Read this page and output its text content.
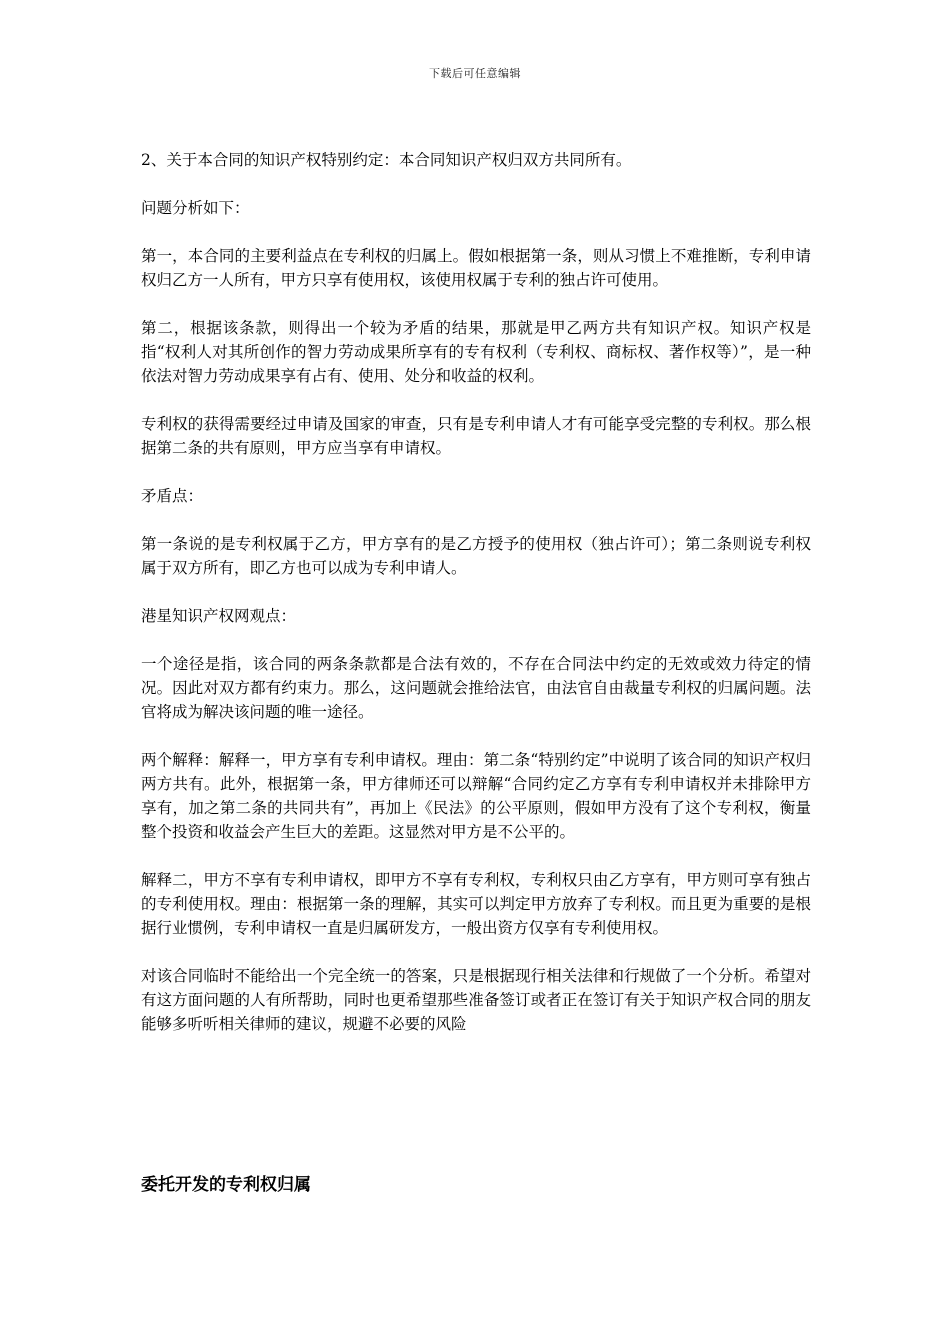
下载后可任意编辑

2、关于本合同的知识产权特别约定：本合同知识产权归双方共同所有。

问题分析如下：

第一，本合同的主要利益点在专利权的归属上。假如根据第一条，则从习惯上不难推断，专利申请权归乙方一人所有，甲方只享有使用权，该使用权属于专利的独占许可使用。

第二，根据该条款，则得出一个较为矛盾的结果，那就是甲乙两方共有知识产权。知识产权是指“权利人对其所创作的智力劳动成果所享有的专有权利（专利权、商标权、著作权等）”，是一种依法对智力劳动成果享有占有、使用、处分和收益的权利。

专利权的获得需要经过申请及国家的审查，只有是专利申请人才有可能享受完整的专利权。那么根据第二条的共有原则，甲方应当享有申请权。

矛盾点：

第一条说的是专利权属于乙方，甲方享有的是乙方授予的使用权（独占许可）；第二条则说专利权属于双方所有，即乙方也可以成为专利申请人。

港星知识产权网观点：

一个途径是指，该合同的两条条款都是合法有效的，不存在合同法中约定的无效或效力待定的情况。因此对双方都有约束力。那么，这问题就会推给法官，由法官自由裁量专利权的归属问题。法官将成为解决该问题的唯一途径。

两个解释：解释一，甲方享有专利申请权。理由：第二条“特别约定”中说明了该合同的知识产权归两方共有。此外，根据第一条，甲方律师还可以辩解“合同约定乙方享有专利申请权并未排除甲方享有，加之第二条的共同共有”，再加上《民法》的公平原则，假如甲方没有了这个专利权，衡量整个投资和收益会产生巨大的差距。这显然对甲方是不公平的。

解释二，甲方不享有专利申请权，即甲方不享有专利权，专利权只由乙方享有，甲方则可享有独占的专利使用权。理由：根据第一条的理解，其实可以判定甲方放弃了专利权。而且更为重要的是根据行业惯例，专利申请权一直是归属研发方，一般出资方仅享有专利使用权。

对该合同临时不能给出一个完全统一的答案，只是根据现行相关法律和行规做了一个分析。希望对有这方面问题的人有所帮助，同时也更希望那些准备签订或者正在签订有关于知识产权合同的朋友能够多听听相关律师的建议，规避不必要的风险

委托开发的专利权归属
